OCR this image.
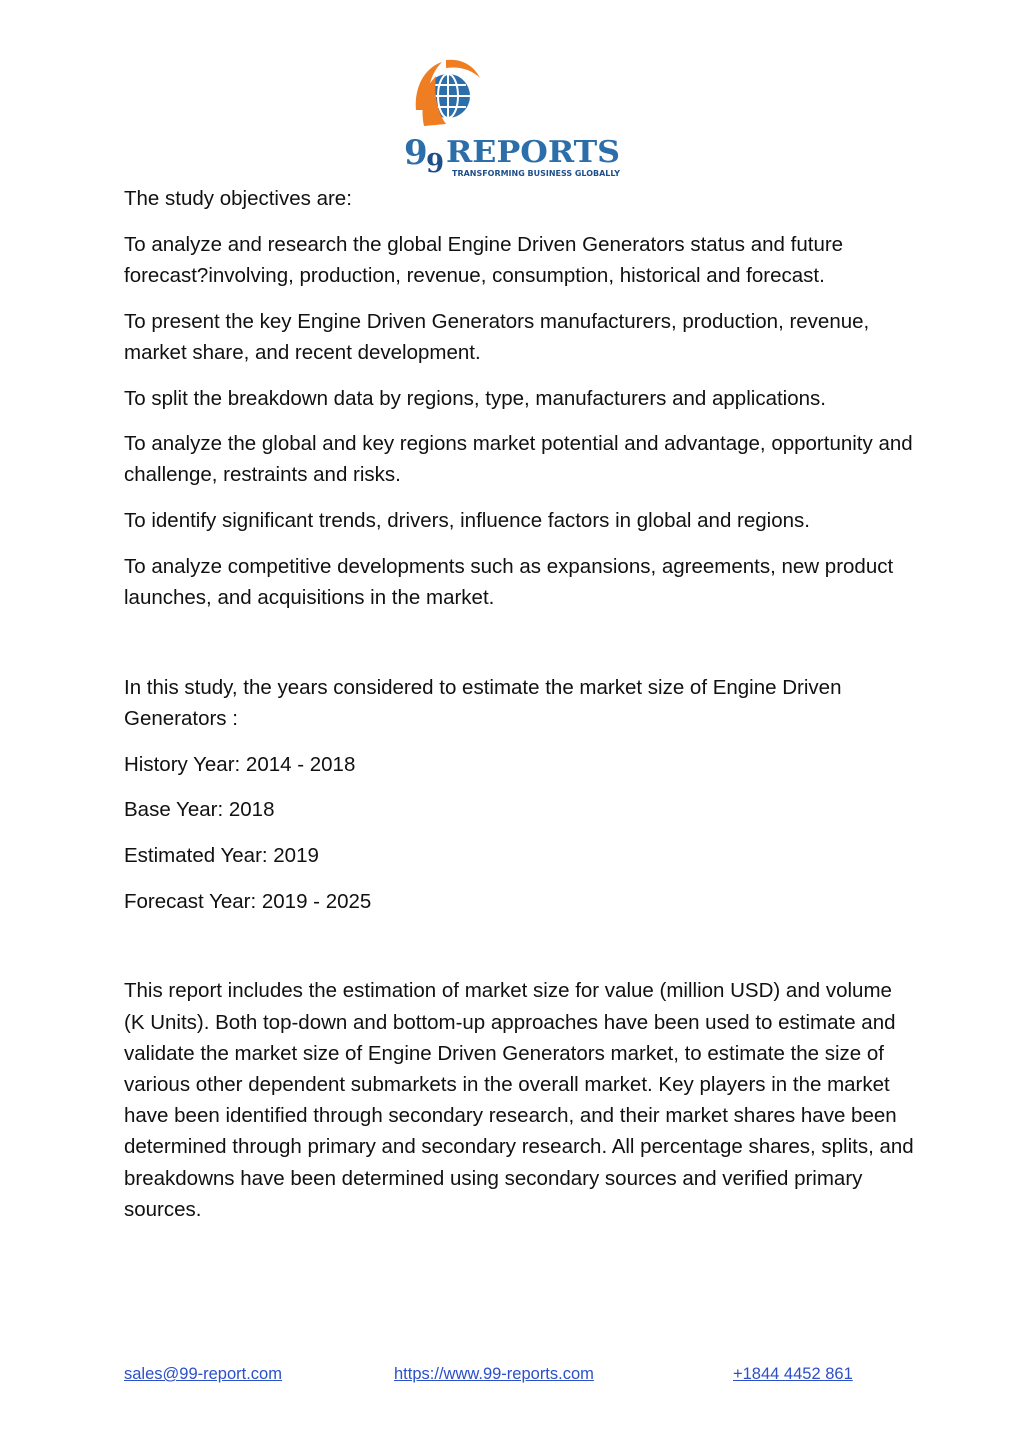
9
9 REPORTS
TRANSFORMING BUSINESS GLOBALLY

The study objectives are:

To analyze and research the global Engine Driven Generators status and future forecast?involving, production, revenue, consumption, historical and forecast.

To present the key Engine Driven Generators manufacturers, production, revenue, market share, and recent development.

To split the breakdown data by regions, type, manufacturers and applications.

To analyze the global and key regions market potential and advantage, opportunity and challenge, restraints and risks.

To identify significant trends, drivers, influence factors in global and regions.

To analyze competitive developments such as expansions, agreements, new product launches, and acquisitions in the market.

In this study, the years considered to estimate the market size of Engine Driven Generators :

History Year: 2014 - 2018

Base Year: 2018

Estimated Year: 2019

Forecast Year: 2019 - 2025

This report includes the estimation of market size for value (million USD) and volume (K Units). Both top-down and bottom-up approaches have been used to estimate and validate the market size of Engine Driven Generators market, to estimate the size of various other dependent submarkets in the overall market. Key players in the market have been identified through secondary research, and their market shares have been determined through primary and secondary research. All percentage shares, splits, and breakdowns have been determined using secondary sources and verified primary sources.

sales@99-report.com	https://www.99-reports.com	+1844 4452 861
